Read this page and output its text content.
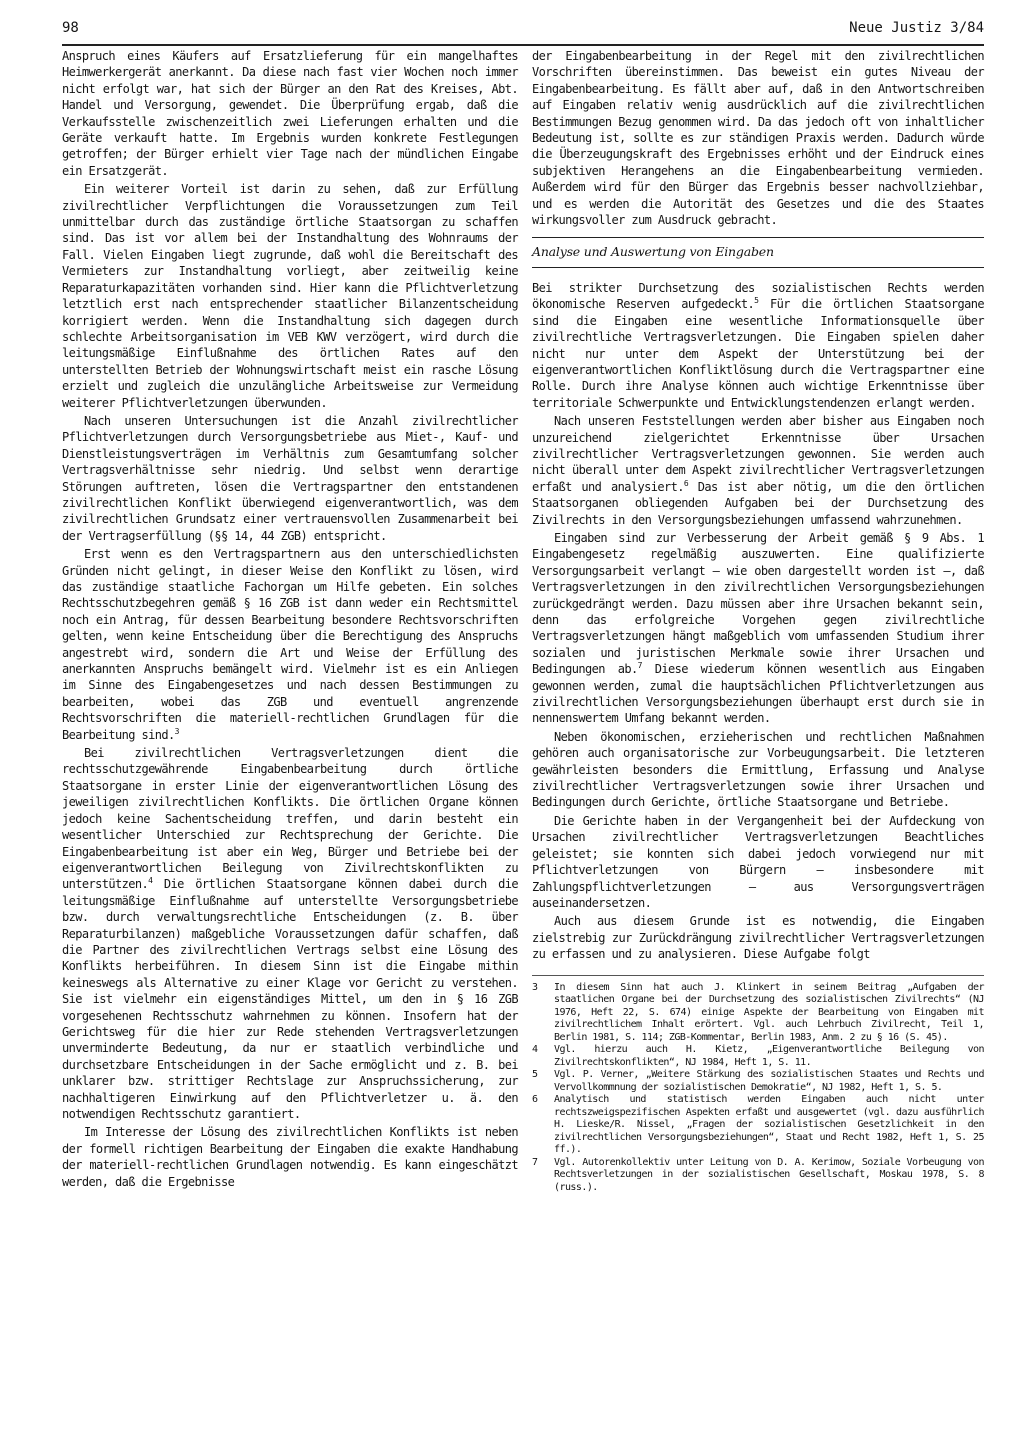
98	Neue Justiz 3/84

Anspruch eines Käufers auf Ersatzlieferung für ein mangelhaftes Heimwerkergerät anerkannt. Da diese nach fast vier Wochen noch immer nicht erfolgt war, hat sich der Bürger an den Rat des Kreises, Abt. Handel und Versorgung, gewendet. Die Überprüfung ergab, daß die Verkaufsstelle zwischenzeitlich zwei Lieferungen erhalten und die Geräte verkauft hatte. Im Ergebnis wurden konkrete Festlegungen getroffen; der Bürger erhielt vier Tage nach der mündlichen Eingabe ein Ersatzgerät.

Ein weiterer Vorteil ist darin zu sehen, daß zur Erfüllung zivilrechtlicher Verpflichtungen die Voraussetzungen zum Teil unmittelbar durch das zuständige örtliche Staatsorgan zu schaffen sind. Das ist vor allem bei der Instandhaltung des Wohnraums der Fall. Vielen Eingaben liegt zugrunde, daß wohl die Bereitschaft des Vermieters zur Instandhaltung vorliegt, aber zeitweilig keine Reparaturkapazitäten vorhanden sind. Hier kann die Pflichtverletzung letztlich erst nach entsprechender staatlicher Bilanzentscheidung korrigiert werden. Wenn die Instandhaltung sich dagegen durch schlechte Arbeitsorganisation im VEB KWV verzögert, wird durch die leitungsmäßige Einflußnahme des örtlichen Rates auf den unterstellten Betrieb der Wohnungswirtschaft meist ein rasche Lösung erzielt und zugleich die unzulängliche Arbeitsweise zur Vermeidung weiterer Pflichtverletzungen überwunden.

Nach unseren Untersuchungen ist die Anzahl zivilrechtlicher Pflichtverletzungen durch Versorgungsbetriebe aus Miet-, Kauf- und Dienstleistungsverträgen im Verhältnis zum Gesamtumfang solcher Vertragsverhältnisse sehr niedrig. Und selbst wenn derartige Störungen auftreten, lösen die Vertragspartner den entstandenen zivilrechtlichen Konflikt überwiegend eigenverantwortlich, was dem zivilrechtlichen Grundsatz einer vertrauensvollen Zusammenarbeit bei der Vertragserfüllung (§§ 14, 44 ZGB) entspricht.

Erst wenn es den Vertragspartnern aus den unterschiedlichsten Gründen nicht gelingt, in dieser Weise den Konflikt zu lösen, wird das zuständige staatliche Fachorgan um Hilfe gebeten. Ein solches Rechtsschutzbegehren gemäß § 16 ZGB ist dann weder ein Rechtsmittel noch ein Antrag, für dessen Bearbeitung besondere Rechtsvorschriften gelten, wenn keine Entscheidung über die Berechtigung des Anspruchs angestrebt wird, sondern die Art und Weise der Erfüllung des anerkannten Anspruchs bemängelt wird. Vielmehr ist es ein Anliegen im Sinne des Eingabengesetzes und nach dessen Bestimmungen zu bearbeiten, wobei das ZGB und eventuell angrenzende Rechtsvorschriften die materiell-rechtlichen Grundlagen für die Bearbeitung sind.$^3$

Bei zivilrechtlichen Vertragsverletzungen dient die rechtsschutzgewährende Eingabenbearbeitung durch örtliche Staatsorgane in erster Linie der eigenverantwortlichen Lösung des jeweiligen zivilrechtlichen Konflikts. Die örtlichen Organe können jedoch keine Sachentscheidung treffen, und darin besteht ein wesentlicher Unterschied zur Rechtsprechung der Gerichte. Die Eingabenbearbeitung ist aber ein Weg, Bürger und Betriebe bei der eigenverantwortlichen Beilegung von Zivilrechtskonflikten zu unterstützen.$^4$ Die örtlichen Staatsorgane können dabei durch die leitungsmäßige Einflußnahme auf unterstellte Versorgungsbetriebe bzw. durch verwaltungsrechtliche Entscheidungen (z. B. über Reparaturbilanzen) maßgebliche Voraussetzungen dafür schaffen, daß die Partner des zivilrechtlichen Vertrags selbst eine Lösung des Konflikts herbeiführen. In diesem Sinn ist die Eingabe mithin keineswegs als Alternative zu einer Klage vor Gericht zu verstehen. Sie ist vielmehr ein eigenständiges Mittel, um den in § 16 ZGB vorgesehenen Rechtsschutz wahrnehmen zu können. Insofern hat der Gerichtsweg für die hier zur Rede stehenden Vertragsverletzungen unverminderte Bedeutung, da nur er staatlich verbindliche und durchsetzbare Entscheidungen in der Sache ermöglicht und z. B. bei unklarer bzw. strittiger Rechtslage zur Anspruchssicherung, zur nachhaltigeren Einwirkung auf den Pflichtverletzer u. ä. den notwendigen Rechtsschutz garantiert.

Im Interesse der Lösung des zivilrechtlichen Konflikts ist neben der formell richtigen Bearbeitung der Eingaben die exakte Handhabung der materiell-rechtlichen Grundlagen notwendig. Es kann eingeschätzt werden, daß die Ergebnisse

der Eingabenbearbeitung in der Regel mit den zivilrechtlichen Vorschriften übereinstimmen. Das beweist ein gutes Niveau der Eingabenbearbeitung. Es fällt aber auf, daß in den Antwortschreiben auf Eingaben relativ wenig ausdrücklich auf die zivilrechtlichen Bestimmungen Bezug genommen wird. Da das jedoch oft von inhaltlicher Bedeutung ist, sollte es zur ständigen Praxis werden. Dadurch würde die Überzeugungskraft des Ergebnisses erhöht und der Eindruck eines subjektiven Herangehens an die Eingabenbearbeitung vermieden. Außerdem wird für den Bürger das Ergebnis besser nachvollziehbar, und es werden die Autorität des Gesetzes und die des Staates wirkungsvoller zum Ausdruck gebracht.

Analyse und Auswertung von Eingaben

Bei strikter Durchsetzung des sozialistischen Rechts werden ökonomische Reserven aufgedeckt.$^5$ Für die örtlichen Staatsorgane sind die Eingaben eine wesentliche Informationsquelle über zivilrechtliche Vertragsverletzungen. Die Eingaben spielen daher nicht nur unter dem Aspekt der Unterstützung bei der eigenverantwortlichen Konfliktlösung durch die Vertragspartner eine Rolle. Durch ihre Analyse können auch wichtige Erkenntnisse über territoriale Schwerpunkte und Entwicklungstendenzen erlangt werden.

Nach unseren Feststellungen werden aber bisher aus Eingaben noch unzureichend zielgerichtet Erkenntnisse über Ursachen zivilrechtlicher Vertragsverletzungen gewonnen. Sie werden auch nicht überall unter dem Aspekt zivilrechtlicher Vertragsverletzungen erfaßt und analysiert.$^6$ Das ist aber nötig, um die den örtlichen Staatsorganen obliegenden Aufgaben bei der Durchsetzung des Zivilrechts in den Versorgungsbeziehungen umfassend wahrzunehmen.

Eingaben sind zur Verbesserung der Arbeit gemäß § 9 Abs. 1 Eingabengesetz regelmäßig auszuwerten. Eine qualifizierte Versorgungsarbeit verlangt – wie oben dargestellt worden ist –, daß Vertragsverletzungen in den zivilrechtlichen Versorgungsbeziehungen zurückgedrängt werden. Dazu müssen aber ihre Ursachen bekannt sein, denn das erfolgreiche Vorgehen gegen zivilrechtliche Vertragsverletzungen hängt maßgeblich vom umfassenden Studium ihrer sozialen und juristischen Merkmale sowie ihrer Ursachen und Bedingungen ab.$^7$ Diese wiederum können wesentlich aus Eingaben gewonnen werden, zumal die hauptsächlichen Pflichtverletzungen aus zivilrechtlichen Versorgungsbeziehungen überhaupt erst durch sie in nennenswertem Umfang bekannt werden.

Neben ökonomischen, erzieherischen und rechtlichen Maßnahmen gehören auch organisatorische zur Vorbeugungsarbeit. Die letzteren gewährleisten besonders die Ermittlung, Erfassung und Analyse zivilrechtlicher Vertragsverletzungen sowie ihrer Ursachen und Bedingungen durch Gerichte, örtliche Staatsorgane und Betriebe.

Die Gerichte haben in der Vergangenheit bei der Aufdeckung von Ursachen zivilrechtlicher Vertragsverletzungen Beachtliches geleistet; sie konnten sich dabei jedoch vorwiegend nur mit Pflichtverletzungen von Bürgern – insbesondere mit Zahlungspflichtverletzungen – aus Versorgungsverträgen auseinandersetzen.

Auch aus diesem Grunde ist es notwendig, die Eingaben zielstrebig zur Zurückdrängung zivilrechtlicher Vertragsverletzungen zu erfassen und zu analysieren. Diese Aufgabe folgt

3	In diesem Sinn hat auch J. Klinkert in seinem Beitrag „Aufgaben der staatlichen Organe bei der Durchsetzung des sozialistischen Zivilrechts“ (NJ 1976, Heft 22, S. 674) einige Aspekte der Bearbeitung von Eingaben mit zivilrechtlichem Inhalt erörtert. Vgl. auch Lehrbuch Zivilrecht, Teil 1, Berlin 1981, S. 114; ZGB-Kommentar, Berlin 1983, Anm. 2 zu § 16 (S. 45).
4	Vgl. hierzu auch H. Kietz, „Eigenverantwortliche Beilegung von Zivilrechtskonflikten“, NJ 1984, Heft 1, S. 11.
5	Vgl. P. Verner, „Weitere Stärkung des sozialistischen Staates und Rechts und Vervollkommnung der sozialistischen Demokratie“, NJ 1982, Heft 1, S. 5.
6	Analytisch und statistisch werden Eingaben auch nicht unter rechtszweigspezifischen Aspekten erfaßt und ausgewertet (vgl. dazu ausführlich H. Lieske/R. Nissel, „Fragen der sozialistischen Gesetzlichkeit in den zivilrechtlichen Versorgungsbeziehungen“, Staat und Recht 1982, Heft 1, S. 25 ff.).
7	Vgl. Autorenkollektiv unter Leitung von D. A. Kerimow, Soziale Vorbeugung von Rechtsverletzungen in der sozialistischen Gesellschaft, Moskau 1978, S. 8 (russ.).
